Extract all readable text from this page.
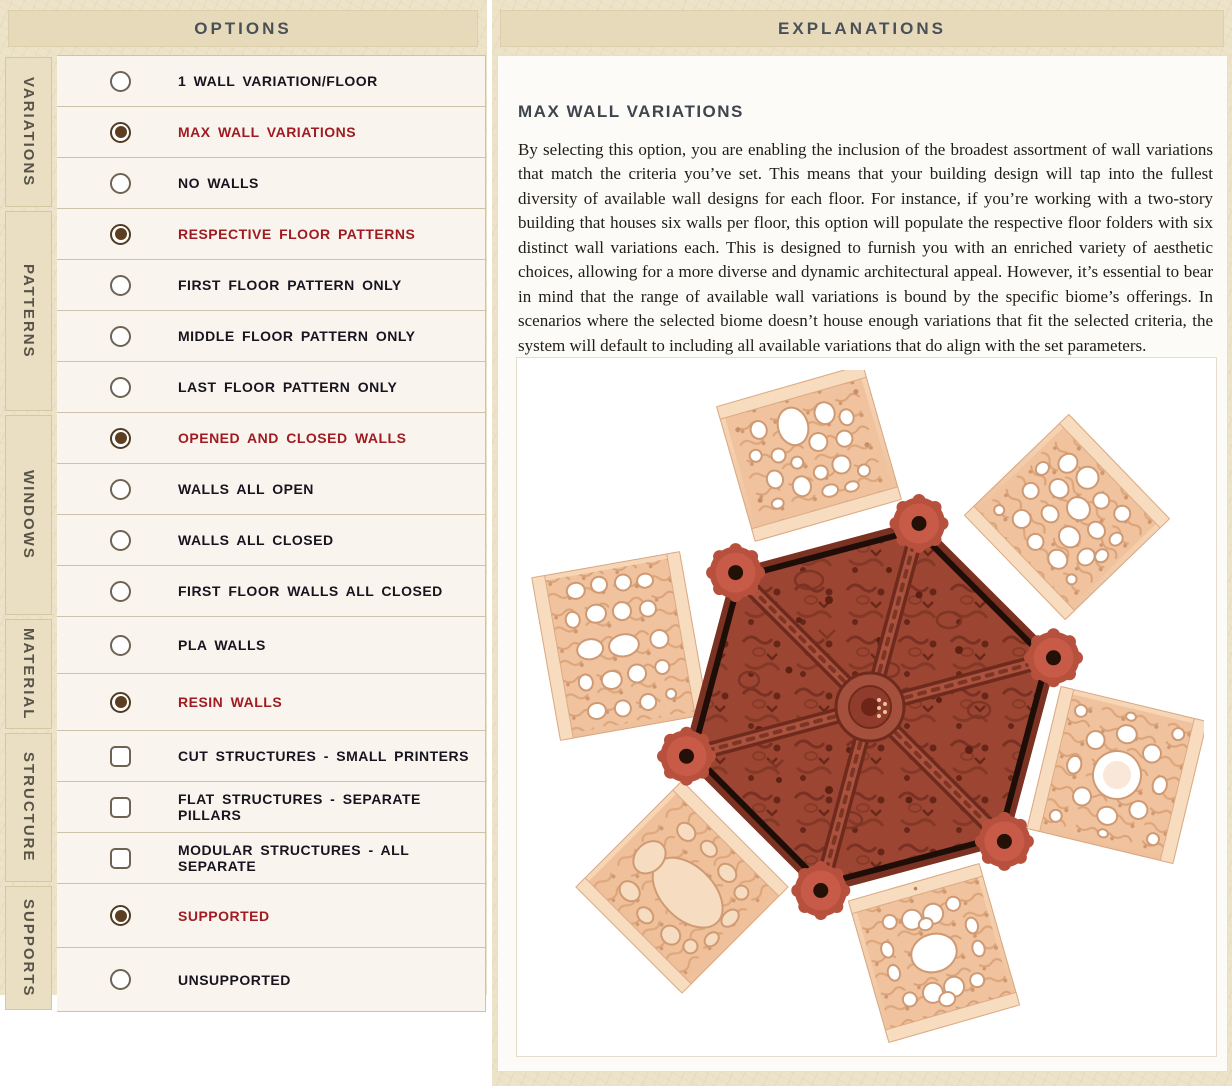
OPTIONS
VARIATIONS	1 WALL VARIATION/FLOOR
MAX WALL VARIATIONS
NO WALLS
PATTERNS
RESPECTIVE FLOOR PATTERNS
FIRST FLOOR PATTERN ONLY
MIDDLE FLOOR PATTERN ONLY
LAST FLOOR PATTERN ONLY
WINDOWS
OPENED AND CLOSED WALLS
WALLS ALL OPEN
WALLS ALL CLOSED
FIRST FLOOR WALLS ALL CLOSED
MATERIAL	PLA WALLS
RESIN WALLS
STRUCTURE	CUT STRUCTURES - SMALL PRINTERS
FLAT STRUCTURES - SEPARATE PILLARS
MODULAR STRUCTURES - ALL SEPARATE
SUPPORTS	SUPPORTED
UNSUPPORTED
EXPLANATIONS
MAX WALL VARIATIONS
By selecting this option, you are enabling the inclusion of the broadest assortment of wall variations that match the criteria you’ve set. This means that your building design will tap into the fullest diversity of available wall designs for each floor. For instance, if you’re working with a two-story building that houses six walls per floor, this option will populate the respective floor folders with six distinct wall variations each. This is designed to furnish you with an enriched variety of aesthetic choices, allowing for a more diverse and dynamic architectural appeal. However, it’s essential to bear in mind that the range of available wall variations is bound by the specific biome’s offerings. In scenarios where the selected biome doesn’t house enough variations that fit the selected criteria, the system will default to including all available variations that do align with the set parameters.
